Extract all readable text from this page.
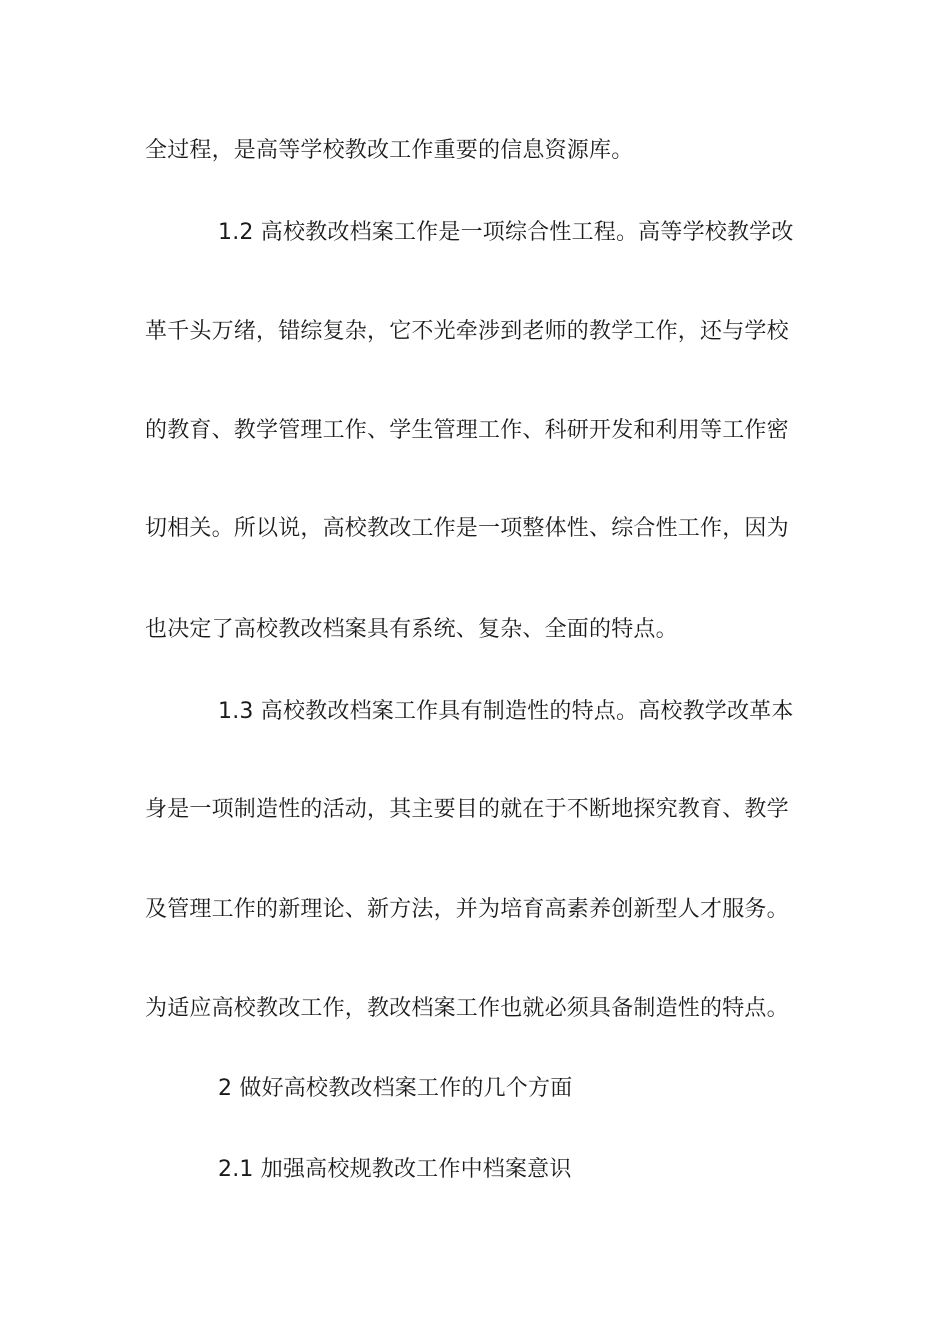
全过程，是高等学校教改工作重要的信息资源库。
1.2 高校教改档案工作是一项综合性工程。高等学校教学改
革千头万绪，错综复杂，它不光牵涉到老师的教学工作，还与学校
的教育、教学管理工作、学生管理工作、科研开发和利用等工作密
切相关。所以说，高校教改工作是一项整体性、综合性工作，因为
也决定了高校教改档案具有系统、复杂、全面的特点。
1.3 高校教改档案工作具有制造性的特点。高校教学改革本
身是一项制造性的活动，其主要目的就在于不断地探究教育、教学
及管理工作的新理论、新方法，并为培育高素养创新型人才服务。
为适应高校教改工作，教改档案工作也就必须具备制造性的特点。
2 做好高校教改档案工作的几个方面
2.1 加强高校规教改工作中档案意识
